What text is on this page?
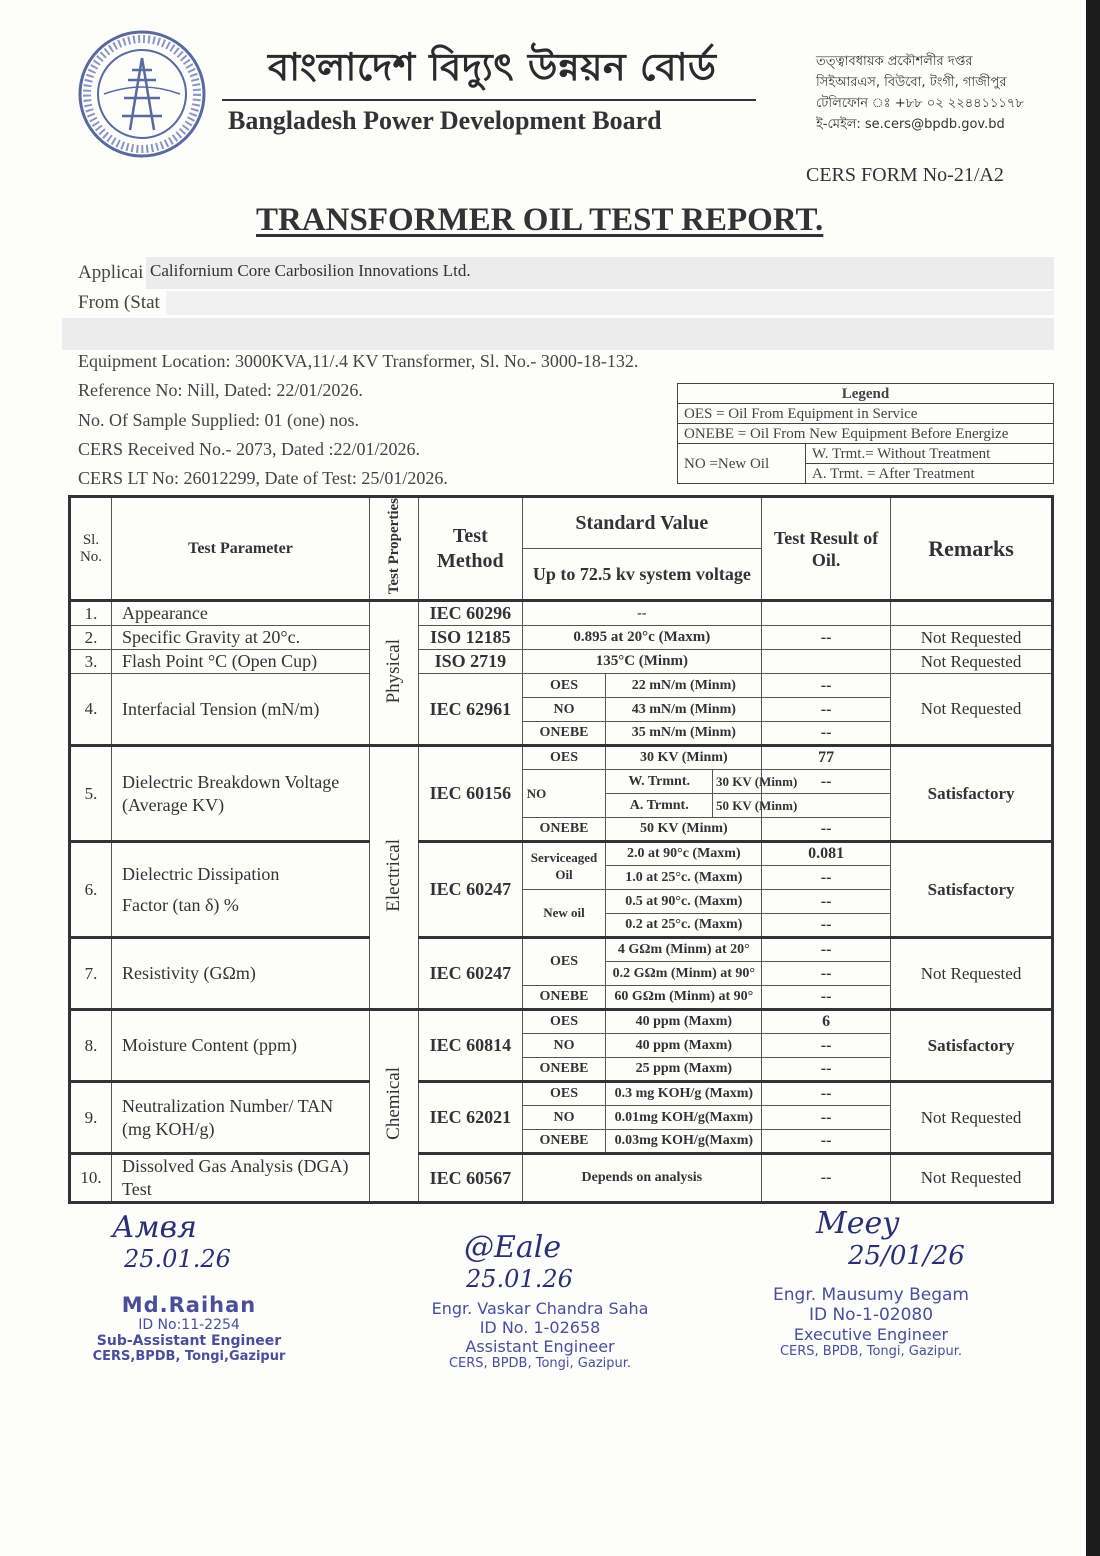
বাংলাদেশ বিদ্যুৎ উন্নয়ন বোর্ড
Bangladesh Power Development Board
তত্ত্বাবধায়ক প্রকৌশলীর দপ্তর
সিইআরএস, বিউবো, টংগী, গাজীপুর
টেলিফোন ঃ +৮৮ ০২ ২২৪৪১১১৭৮
ই-মেইল: se.cers@bpdb.gov.bd
CERS FORM No-21/A2
TRANSFORMER OIL TEST REPORT.
Applicai Californium Core Carbosilion Innovations Ltd.
From (Stat
Equipment Location: 3000KVA,11/.4 KV Transformer, Sl. No.- 3000-18-132.
Reference No: Nill, Dated: 22/01/2026.
No. Of Sample Supplied: 01 (one) nos.
CERS Received No.- 2073, Dated :22/01/2026.
CERS LT No: 26012299, Date of Test: 25/01/2026.
Legend
OES = Oil From Equipment in Service
ONEBE = Oil From New Equipment Before Energize
NO =New Oil	W. Trmt.= Without Treatment
A. Trmt. = After Treatment
Sl. No.	Test Parameter	Test Properties	Test Method	Standard Value			Test Result of Oil.	Remarks
				Up to 72.5 kv system voltage				
1.	Appearance	Physical	IEC 60296	--				
2.	Specific Gravity at 20°c.		ISO 12185	0.895 at 20°c (Maxm)			--	Not Requested
3.	Flash Point °C (Open Cup)		ISO 2719	135°C (Minm)				Not Requested
4.	Interfacial Tension (mN/m)		IEC 62961	OES	22 mN/m (Minm)		--	Not Requested
				NO	43 mN/m (Minm)		--	
				ONEBE	35 mN/m (Minm)		--	
5.	Dielectric Breakdown Voltage (Average KV)	Electrical	IEC 60156	OES	30 KV (Minm)		77	Satisfactory

				NO	W. Trmnt.	30 KV (Minm)	--	
					A. Trmnt.	50 KV (Minm)		
				ONEBE	50 KV (Minm)		--	
6.	Dielectric Dissipation
Factor (tan δ) %		IEC 60247	Serviceaged Oil	2.0 at 90°c (Maxm)		0.081	Satisfactory
					1.0 at 25°c. (Maxm)		--	
				New oil	0.5 at 90°c. (Maxm)		--	
					0.2 at 25°c. (Maxm)		--	
7.	Resistivity (GΩm)		IEC 60247	OES	4 GΩm (Minm) at 20°		--	Not Requested
					0.2 GΩm (Minm) at 90°		--	
				ONEBE	60 GΩm (Minm) at 90°		--	
8.	Moisture Content (ppm)	Chemical	IEC 60814	OES	40 ppm (Maxm)		6	Satisfactory
				NO	40 ppm (Maxm)		--	
				ONEBE	25 ppm (Maxm)		--	
9.	Neutralization Number/ TAN (mg KOH/g)		IEC 62021	OES	0.3 mg KOH/g (Maxm)		--	Not Requested
				NO	0.01mg KOH/g(Maxm)		--	
				ONEBE	0.03mg KOH/g(Maxm)		--	
10.	Dissolved Gas Analysis (DGA) Test		IEC 60567	Depends on analysis			--	Not Requested
Амвя
25.01.26
Md.Raihan
ID No:11-2254
Sub-Assistant Engineer
CERS,BPDB, Tongi,Gazipur
@Eale
25.01.26
Engr. Vaskar Chandra Saha
ID No. 1-02658
Assistant Engineer
CERS, BPDB, Tongi, Gazipur.
Meey
25/01/26
Engr. Mausumy Begam
ID No-1-02080
Executive Engineer
CERS, BPDB, Tongi, Gazipur.
